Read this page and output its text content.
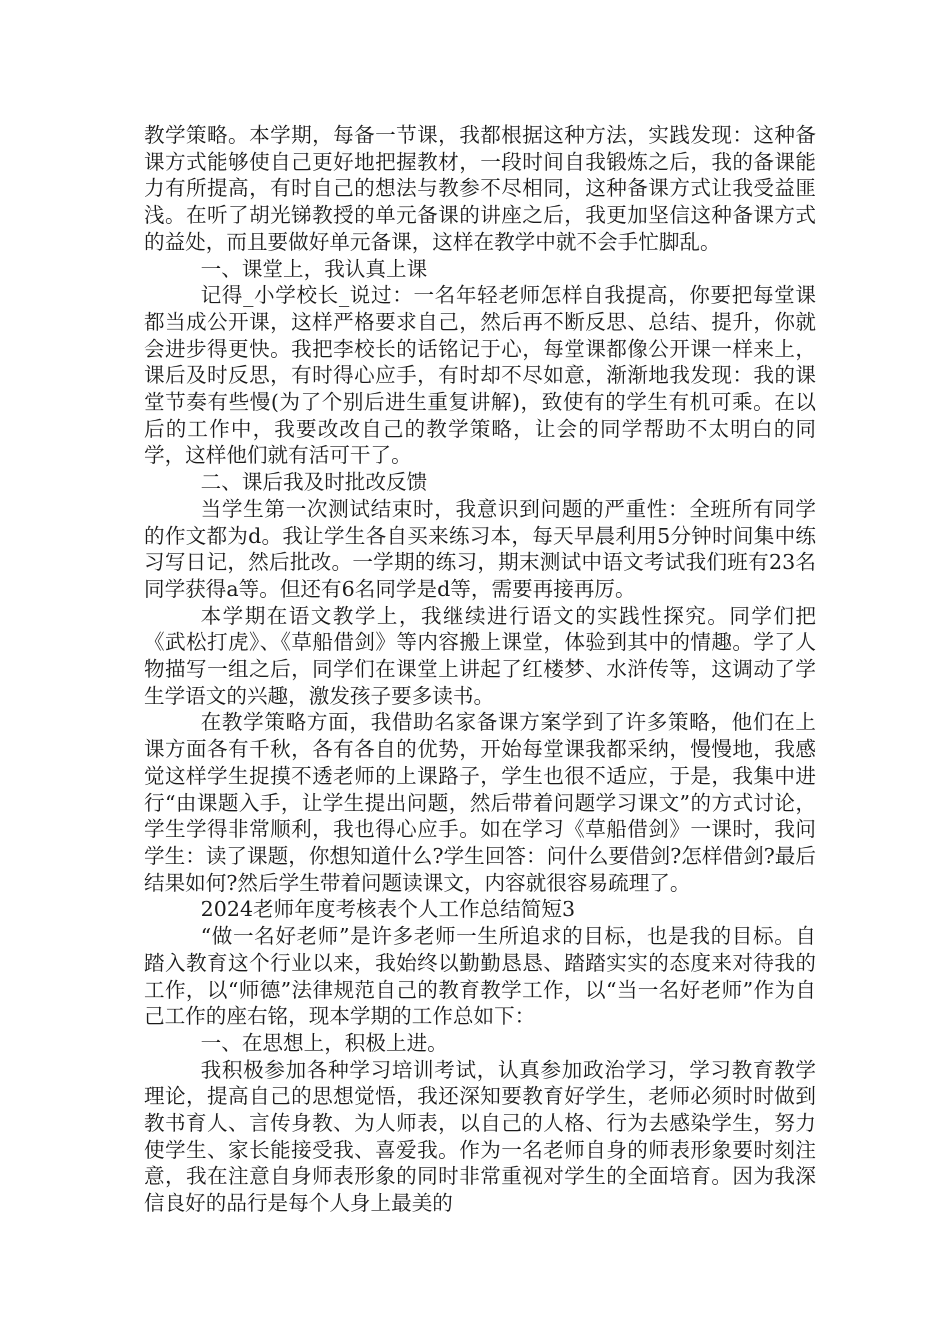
教学策略。本学期，每备一节课，我都根据这种方法，实践发现：这种备课方式能够使自己更好地把握教材，一段时间自我锻炼之后，我的备课能力有所提高，有时自己的想法与教参不尽相同，这种备课方式让我受益匪浅。在听了胡光锑教授的单元备课的讲座之后，我更加坚信这种备课方式的益处，而且要做好单元备课，这样在教学中就不会手忙脚乱。

一、课堂上，我认真上课

记得_小学校长_说过：一名年轻老师怎样自我提高，你要把每堂课都当成公开课，这样严格要求自己，然后再不断反思、总结、提升，你就会进步得更快。我把李校长的话铭记于心，每堂课都像公开课一样来上，课后及时反思，有时得心应手，有时却不尽如意，渐渐地我发现：我的课堂节奏有些慢(为了个别后进生重复讲解)，致使有的学生有机可乘。在以后的工作中，我要改改自己的教学策略，让会的同学帮助不太明白的同学，这样他们就有活可干了。

二、课后我及时批改反馈

当学生第一次测试结束时，我意识到问题的严重性：全班所有同学的作文都为d。我让学生各自买来练习本，每天早晨利用5分钟时间集中练习写日记，然后批改。一学期的练习，期末测试中语文考试我们班有23名同学获得a等。但还有6名同学是d等，需要再接再厉。

本学期在语文教学上，我继续进行语文的实践性探究。同学们把《武松打虎》、《草船借剑》等内容搬上课堂，体验到其中的情趣。学了人物描写一组之后，同学们在课堂上讲起了红楼梦、水浒传等，这调动了学生学语文的兴趣，激发孩子要多读书。

在教学策略方面，我借助名家备课方案学到了许多策略，他们在上课方面各有千秋，各有各自的优势，开始每堂课我都采纳，慢慢地，我感觉这样学生捉摸不透老师的上课路子，学生也很不适应，于是，我集中进行“由课题入手，让学生提出问题，然后带着问题学习课文”的方式讨论，学生学得非常顺利，我也得心应手。如在学习《草船借剑》一课时，我问学生：读了课题，你想知道什么?学生回答：问什么要借剑?怎样借剑?最后结果如何?然后学生带着问题读课文，内容就很容易疏理了。

2024老师年度考核表个人工作总结简短3

“做一名好老师”是许多老师一生所追求的目标，也是我的目标。自踏入教育这个行业以来，我始终以勤勤恳恳、踏踏实实的态度来对待我的工作，以“师德”法律规范自己的教育教学工作，以“当一名好老师”作为自己工作的座右铭，现本学期的工作总如下：

一、在思想上，积极上进。

我积极参加各种学习培训考试，认真参加政治学习，学习教育教学理论，提高自己的思想觉悟，我还深知要教育好学生，老师必须时时做到教书育人、言传身教、为人师表，以自己的人格、行为去感染学生，努力使学生、家长能接受我、喜爱我。作为一名老师自身的师表形象要时刻注意，我在注意自身师表形象的同时非常重视对学生的全面培育。因为我深信良好的品行是每个人身上最美的
